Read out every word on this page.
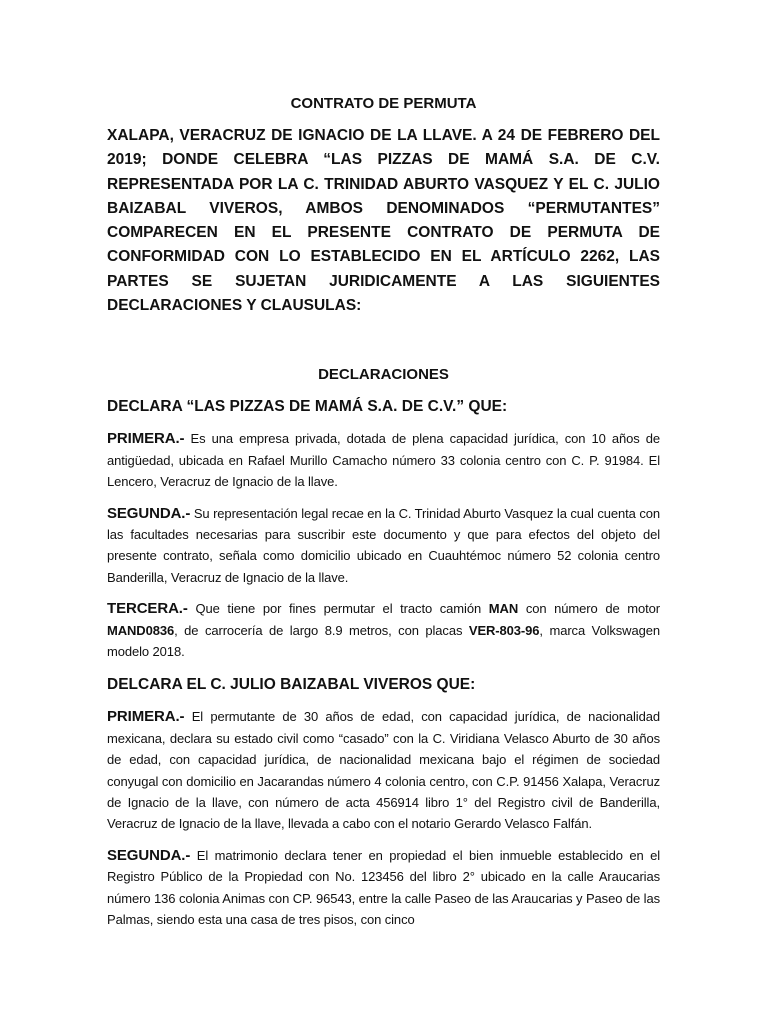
CONTRATO DE PERMUTA

XALAPA, VERACRUZ DE IGNACIO DE LA LLAVE. A 24 DE FEBRERO DEL 2019; DONDE CELEBRA “LAS PIZZAS DE MAMÁ S.A. DE C.V. REPRESENTADA POR LA C. TRINIDAD ABURTO VASQUEZ Y EL C. JULIO BAIZABAL VIVEROS, AMBOS DENOMINADOS “PERMUTANTES” COMPARECEN EN EL PRESENTE CONTRATO DE PERMUTA DE CONFORMIDAD CON LO ESTABLECIDO EN EL ARTÍCULO 2262, LAS PARTES SE SUJETAN JURIDICAMENTE A LAS SIGUIENTES DECLARACIONES Y CLAUSULAS:

DECLARACIONES
DECLARA “LAS PIZZAS DE MAMÁ S.A. DE C.V.” QUE:

PRIMERA.- Es una empresa privada, dotada de plena capacidad jurídica, con 10 años de antigüedad, ubicada en Rafael Murillo Camacho número 33 colonia centro con C. P. 91984. El Lencero, Veracruz de Ignacio de la llave.

SEGUNDA.- Su representación legal recae en la C. Trinidad Aburto Vasquez la cual cuenta con las facultades necesarias para suscribir este documento y que para efectos del objeto del presente contrato, señala como domicilio ubicado en Cuauhtémoc número 52 colonia centro Banderilla, Veracruz de Ignacio de la llave.

TERCERA.- Que tiene por fines permutar el tracto camión MAN con número de motor MAND0836, de carrocería de largo 8.9 metros, con placas VER-803-96, marca Volkswagen modelo 2018.

DELCARA EL C. JULIO BAIZABAL VIVEROS QUE:

PRIMERA.- El permutante de 30 años de edad, con capacidad jurídica, de nacionalidad mexicana, declara su estado civil como “casado” con la C. Viridiana Velasco Aburto de 30 años de edad, con capacidad jurídica, de nacionalidad mexicana bajo el régimen de sociedad conyugal con domicilio en Jacarandas número 4 colonia centro, con C.P. 91456 Xalapa, Veracruz de Ignacio de la llave, con número de acta 456914 libro 1° del Registro civil de Banderilla, Veracruz de Ignacio de la llave, llevada a cabo con el notario Gerardo Velasco Falfán.

SEGUNDA.- El matrimonio declara tener en propiedad el bien inmueble establecido en el Registro Público de la Propiedad con No. 123456 del libro 2° ubicado en la calle Araucarias número 136 colonia Animas con CP. 96543, entre la calle Paseo de las Araucarias y Paseo de las Palmas, siendo esta una casa de tres pisos, con cinco
